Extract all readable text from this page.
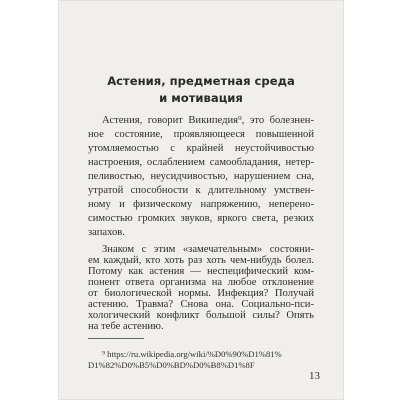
Астения, предметная среда
и мотивация

Астения, говорит Википедия⁹, это болезнен-

ное состояние, проявляющееся повышенной

утомляемостью с крайней неустойчивостью

настроения, ослаблением самообладания, нетер-

пеливостью, неусидчивостью, нарушением сна,

утратой способности к длительному умствен-

ному и физическому напряжению, неперено-

симостью громких звуков, яркого света, резких

запахов.

Знаком с этим «замечательным» состояни-

ем каждый, кто хоть раз хоть чем-нибудь болел.

Потому как астения — неспецифический ком-

понент ответа организма на любое отклонение

от биологической нормы. Инфекция? Получай

астению. Травма? Снова она. Социально-пси-

хологический конфликт большой силы? Опять

⁹ https://ru.wikipedia.org/wiki/%D0%90%D1%81%

D1%82%D0%B5%D0%BD%D0%B8%D1%8F

13

на тебе астению.
